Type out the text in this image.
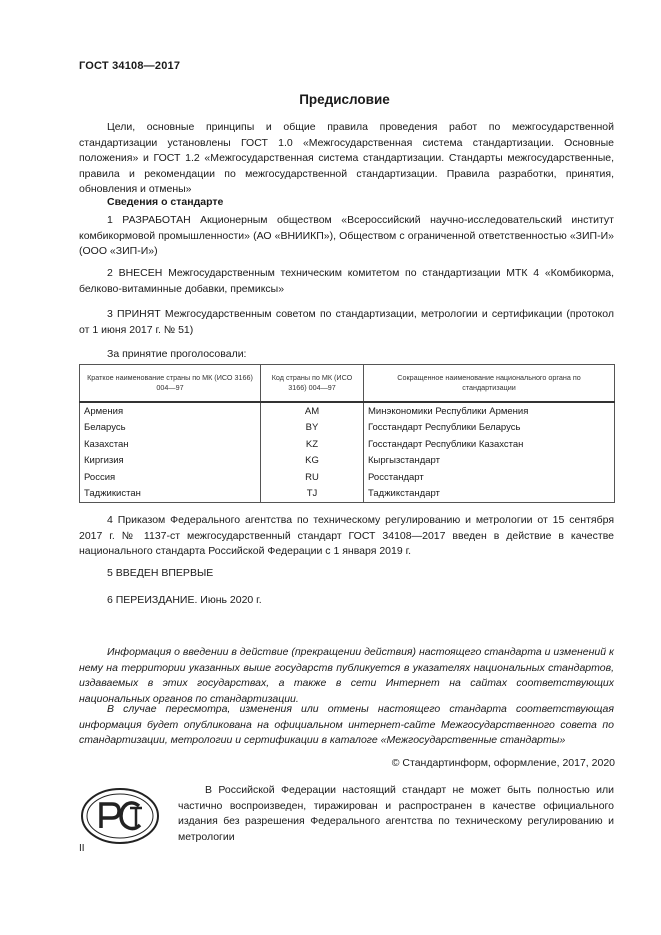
ГОСТ 34108—2017
Предисловие
Цели, основные принципы и общие правила проведения работ по межгосударственной стандартизации установлены ГОСТ 1.0 «Межгосударственная система стандартизации. Основные положения» и ГОСТ 1.2 «Межгосударственная система стандартизации. Стандарты межгосударственные, правила и рекомендации по межгосударственной стандартизации. Правила разработки, принятия, обновления и отмены»
Сведения о стандарте
1 РАЗРАБОТАН Акционерным обществом «Всероссийский научно-исследовательский институт комбикормовой промышленности» (АО «ВНИИКП»), Обществом с ограниченной ответственностью «ЗИП-И» (ООО «ЗИП-И»)
2 ВНЕСЕН Межгосударственным техническим комитетом по стандартизации МТК 4 «Комбикорма, белково-витаминные добавки, премиксы»
3 ПРИНЯТ Межгосударственным советом по стандартизации, метрологии и сертификации (протокол от 1 июня 2017 г. № 51)
За принятие проголосовали:
Краткое наименование страны по МК (ИСО 3166) 004—97	Код страны по МК (ИСО 3166) 004—97	Сокращенное наименование национального органа по стандартизации
Армения	AM	Минэкономики Республики Армения
Беларусь	BY	Госстандарт Республики Беларусь
Казахстан	KZ	Госстандарт Республики Казахстан
Киргизия	KG	Кыргызстандарт
Россия	RU	Росстандарт
Таджикистан	TJ	Таджикстандарт
4 Приказом Федерального агентства по техническому регулированию и метрологии от 15 сентября 2017 г. № 1137-ст межгосударственный стандарт ГОСТ 34108—2017 введен в действие в качестве национального стандарта Российской Федерации с 1 января 2019 г.
5 ВВЕДЕН ВПЕРВЫЕ
6 ПЕРЕИЗДАНИЕ. Июнь 2020 г.
Информация о введении в действие (прекращении действия) настоящего стандарта и изменений к нему на территории указанных выше государств публикуется в указателях национальных стандартов, издаваемых в этих государствах, а также в сети Интернет на сайтах соответствующих национальных органов по стандартизации.
В случае пересмотра, изменения или отмены настоящего стандарта соответствующая информация будет опубликована на официальном интернет-сайте Межгосударственного совета по стандартизации, метрологии и сертификации в каталоге «Межгосударственные стандарты»
© Стандартинформ, оформление, 2017, 2020
В Российской Федерации настоящий стандарт не может быть полностью или частично воспроизведен, тиражирован и распространен в качестве официального издания без разрешения Федерального агентства по техническому регулированию и метрологии
II
